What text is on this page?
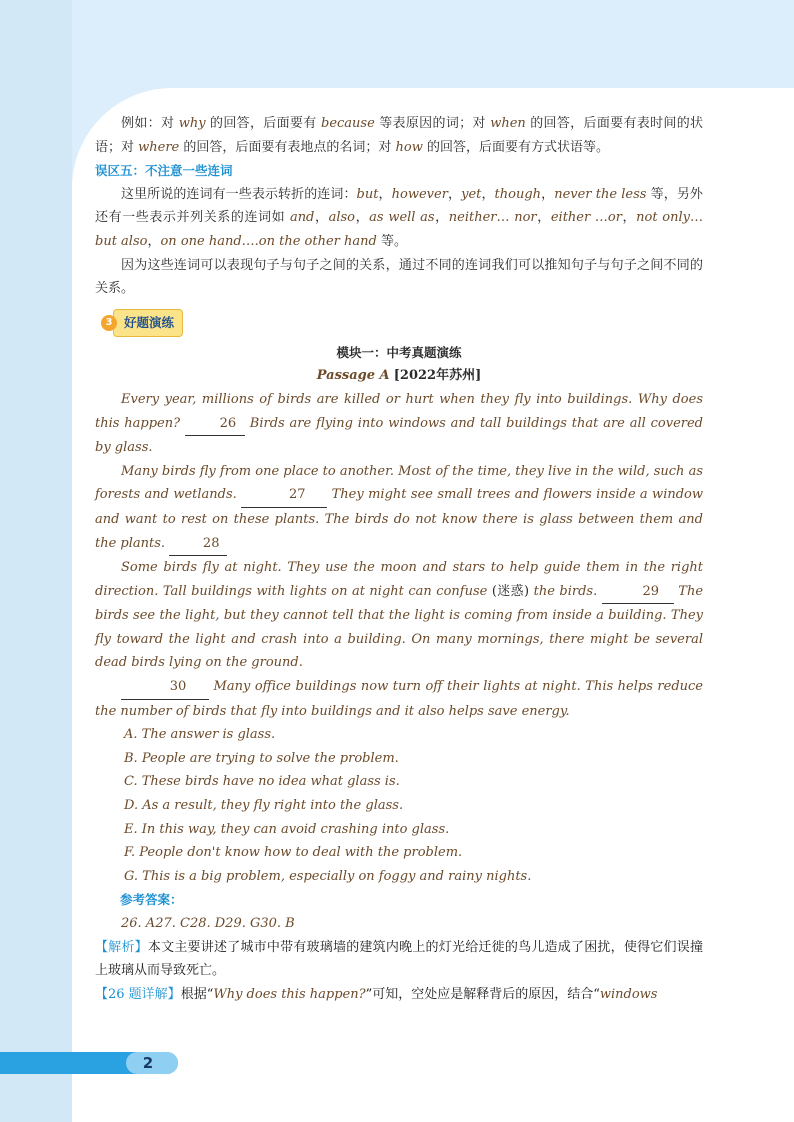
例如：对 why 的回答，后面要有 because 等表原因的词；对 when 的回答，后面要有表时间的状语；对 where 的回答，后面要有表地点的名词；对 how 的回答，后面要有方式状语等。

误区五：不注意一些连词

这里所说的连词有一些表示转折的连词：but，however，yet，though，never the less 等，另外还有一些表示并列关系的连词如 and，also，as well as，neither… nor，either …or，not only… but also，on one hand….on the other hand 等。

因为这些连词可以表现句子与句子之间的关系，通过不同的连词我们可以推知句子与句子之间不同的关系。

3 好题演练

模块一：中考真题演练

Passage A [2022年苏州]

Every year, millions of birds are killed or hurt when they fly into buildings. Why does this happen?	26 Birds are flying into windows and tall buildings that are all covered by glass.

Many birds fly from one place to another. Most of the time, they live in the wild, such as forests and wetlands.	27 They might see small trees and flowers inside a window and want to rest on these plants. The birds do not know there is glass between them and the plants.	28

Some birds fly at night. They use the moon and stars to help guide them in the right direction. Tall buildings with lights on at night can confuse (迷惑) the birds.	29 The birds see the light, but they cannot tell that the light is coming from inside a building. They fly toward the light and crash into a building. On many mornings, there might be several dead birds lying on the ground.

30 Many office buildings now turn off their lights at night. This helps reduce the number of birds that fly into buildings and it also helps save energy.

A. The answer is glass.

B. People are trying to solve the problem.

C. These birds have no idea what glass is.

D. As a result, they fly right into the glass.

E. In this way, they can avoid crashing into glass.

F. People don't know how to deal with the problem.

G. This is a big problem, especially on foggy and rainy nights.

参考答案：

26. A27. C28. D29. G30. B

【解析】本文主要讲述了城市中带有玻璃墙的建筑内晚上的灯光给迁徙的鸟儿造成了困扰，使得它们误撞上玻璃从而导致死亡。

【26 题详解】根据“Why does this happen?”可知，空处应是解释背后的原因，结合“windows

2
